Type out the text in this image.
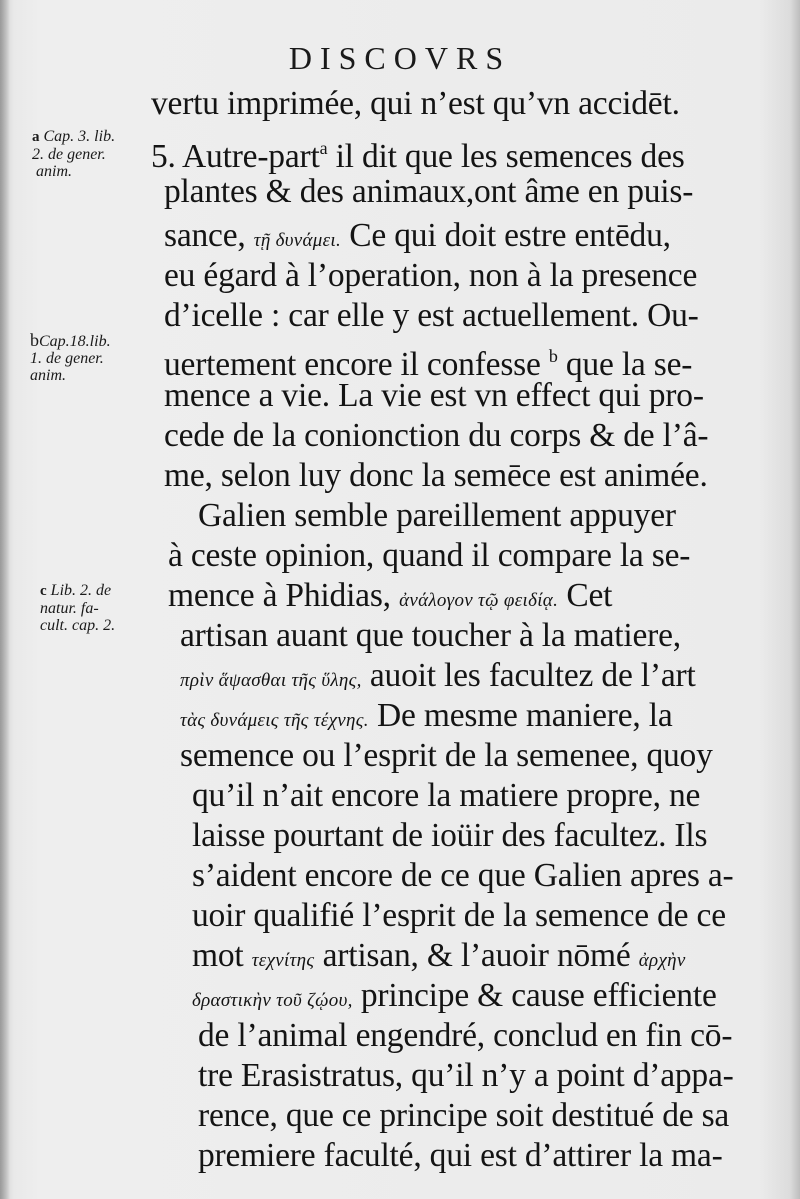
DISCOVRS
vertu imprimée, qui n’est qu’vn accidēt.
5. Autre-part$^a$ il dit que les semences des
plantes & des animaux,ont âme en puis-
sance, τῇ δυνάμει. Ce qui doit estre entēdu,
eu égard à l’operation, non à la presence
d’icelle : car elle y est actuellement. Ou-
uertement encore il confesse $^b$ que la se-
mence a vie. La vie est vn effect qui pro-
cede de la conionction du corps & de l’â-
me, selon luy donc la semēce est animée.
Galien semble pareillement appuyer
à ceste opinion, quand il compare la se-
mence à Phidias, ἀνάλογον τῷ φειδίᾳ. Cet
artisan auant que toucher à la matiere,
πρὶν ἅψασθαι τῆς ὕλης, auoit les facultez de l’art
τὰς δυνάμεις τῆς τέχνης. De mesme maniere, la
semence ou l’esprit de la semenee, quoy
qu’il n’ait encore la matiere propre, ne
laisse pourtant de ioüir des facultez. Ils
s’aident encore de ce que Galien apres a-
uoir qualifié l’esprit de la semence de ce
mot τεχνίτης artisan, & l’auoir nōmé ἀρχὴν
δραστικὴν τοῦ ζῴου, principe & cause efficiente
de l’animal engendré, conclud en fin cō-
tre Erasistratus, qu’il n’y a point d’appa-
rence, que ce principe soit destitué de sa
premiere faculté, qui est d’attirer la ma-
a Cap. 3. lib.
2. de gener.
anim.
bCap.18.lib.
1. de gener.
anim.
c Lib. 2. de
natur. fa-
cult. cap. 2.
